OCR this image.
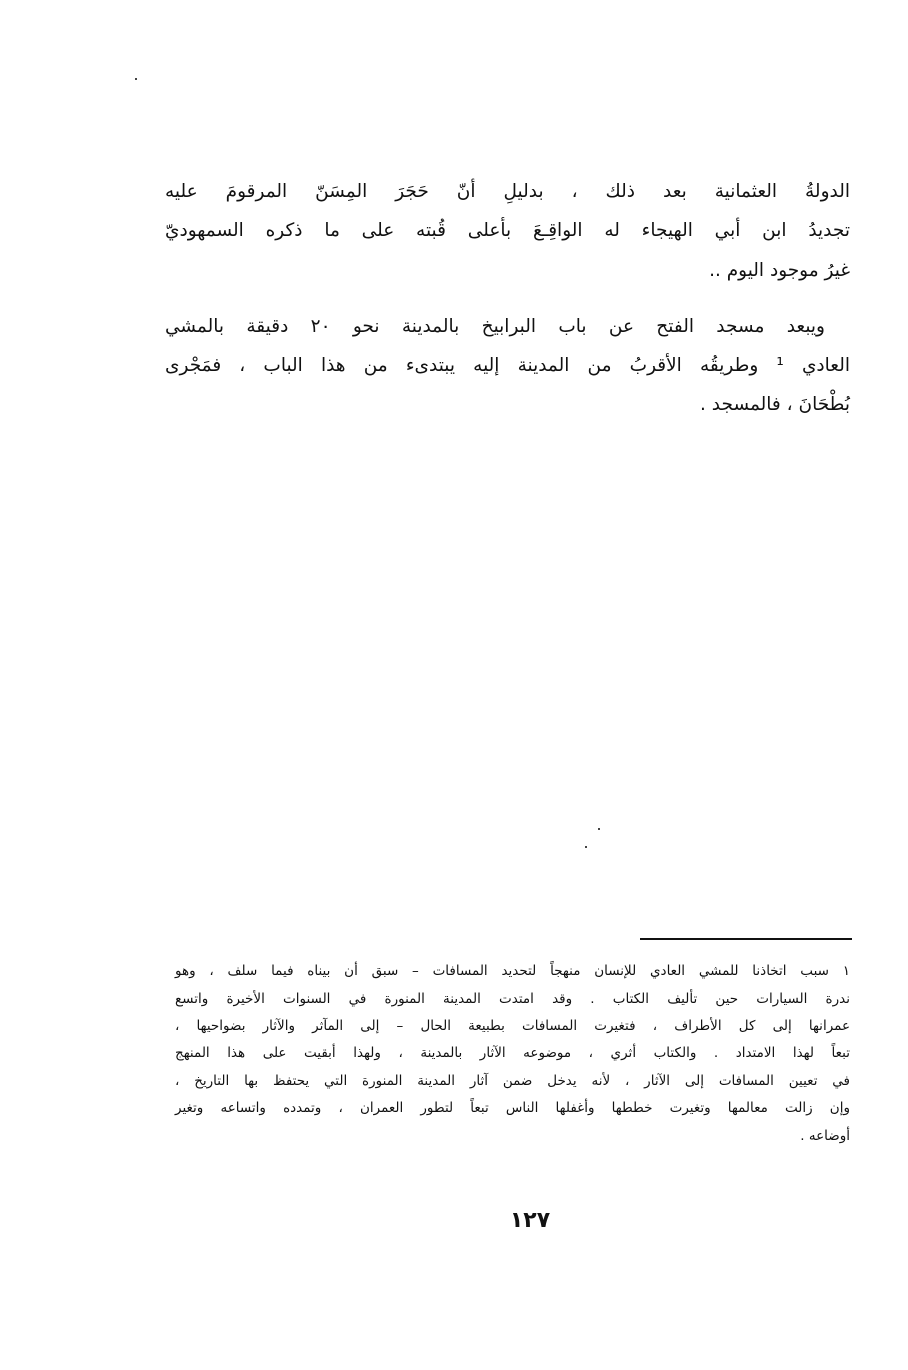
الدولةُ العثمانية بعد ذلك ، بدليلِ أنّ حَجَرَ المِسَنّ المرقومَ عليه
تجديدُ ابن أبي الهيجاء له الواقِـعَ بأعلى قُبته على ما ذكره السمهوديّ
غيرُ موجود اليوم ..
ويبعد مسجد الفتح عن باب البرابيخ بالمدينة نحو ٢٠ دقيقة بالمشي
العادي ¹ وطريقُه الأقربُ من المدينة إليه يبتدىء من هذا الباب ، فمَجْرى
بُطْحَانَ ، فالمسجد .
١ سبب اتخاذنا للمشي العادي للإنسان منهجاً لتحديد المسافات – سبق أن بيناه فيما سلف ، وهو
ندرة السيارات حين تأليف الكتاب . وقد امتدت المدينة المنورة في السنوات الأخيرة واتسع
عمرانها إلى كل الأطراف ، فتغيرت المسافات بطبيعة الحال – إلى المآثر والآثار بضواحيها ،
تبعاً لهذا الامتداد . والكتاب أثري ، موضوعه الآثار بالمدينة ، ولهذا أبقيت على هذا المنهج
في تعيين المسافات إلى الآثار ، لأنه يدخل ضمن آثار المدينة المنورة التي يحتفظ بها التاريخ ،
وإن زالت معالمها وتغيرت خططها وأغفلها الناس تبعاً لتطور العمران ، وتمدده واتساعه وتغير
أوضاعه .
١٢٧
